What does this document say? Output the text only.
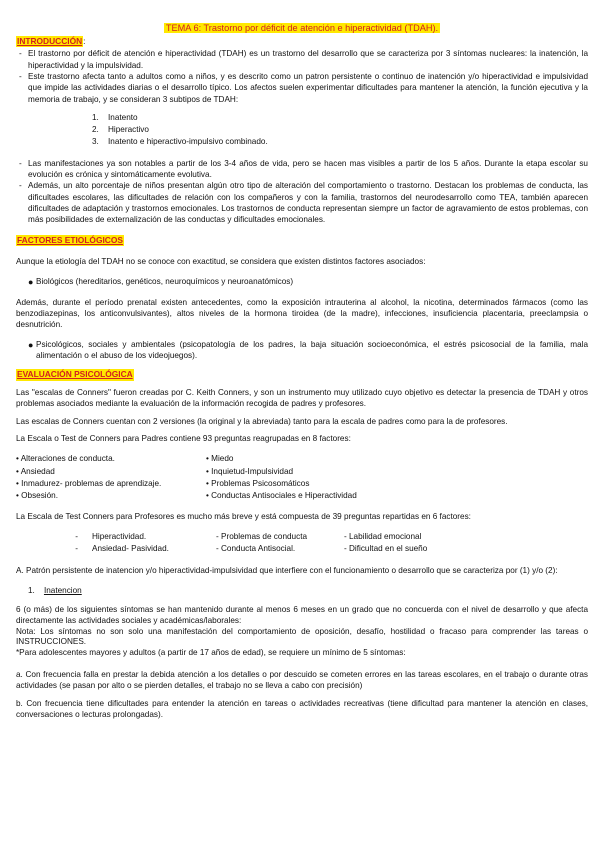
TEMA 6: Trastorno por déficit de atención e hiperactividad (TDAH).
INTRODUCCIÓN:

- El trastorno por déficit de atención e hiperactividad (TDAH) es un trastorno del desarrollo que se caracteriza por 3 síntomas nucleares: la inatención, la hiperactividad y la impulsividad.

- Este trastorno afecta tanto a adultos como a niños, y es descrito como un patron persistente o continuo de inatención y/o hiperactividad e impulsividad que impide las actividades diarias o el desarrollo típico. Los afectos suelen experimentar dificultades para mantener la atención, la función ejecutiva y la memoria de trabajo, y se consideran 3 subtipos de TDAH:

1. Inatento
2. Hiperactivo
3. Inatento e hiperactivo-impulsivo combinado.

- Las manifestaciones ya son notables a partir de los 3-4 años de vida, pero se hacen mas visibles a partir de los 5 años. Durante la etapa escolar su evolución es crónica y sintomáticamente evolutiva.

- Además, un alto porcentaje de niños presentan algún otro tipo de alteración del comportamiento o trastorno. Destacan los problemas de conducta, las dificultades escolares, las dificultades de relación con los compañeros y con la familia, trastornos del neurodesarrollo como TEA, también aparecen dificultades de adaptación y trastornos emocionales. Los trastornos de conducta representan siempre un factor de agravamiento de estos problemas, con más posibilidades de externalización de las conductas y dificultades emocionales.

FACTORES ETIOLÓGICOS

Aunque la etiología del TDAH no se conoce con exactitud, se considera que existen distintos factores asociados:

● Biológicos (hereditarios, genéticos, neuroquímicos y neuroanatómicos)

Además, durante el período prenatal existen antecedentes, como la exposición intrauterina al alcohol, la nicotina, determinados fármacos (como las benzodiazepinas, los anticonvulsivantes), altos niveles de la hormona tiroidea (de la madre), infecciones, insuficiencia placentaria, preeclampsia o desnutrición.

● Psicológicos, sociales y ambientales (psicopatología de los padres, la baja situación socioeconómica, el estrés psicosocial de la familia, mala alimentación o el abuso de los videojuegos).

EVALUACIÓN PSICOLÓGICA

Las "escalas de Conners" fueron creadas por C. Keith Conners, y son un instrumento muy utilizado cuyo objetivo es detectar la presencia de TDAH y otros problemas asociados mediante la evaluación de la información recogida de padres y profesores.

Las escalas de Conners cuentan con 2 versiones (la original y la abreviada) tanto para la escala de padres como para la de profesores.

La Escala o Test de Conners para Padres contiene 93 preguntas reagrupadas en 8 factores:

• Alteraciones de conducta.	• Miedo
• Ansiedad	• Inquietud-Impulsividad
• Inmadurez- problemas de aprendizaje.	• Problemas Psicosomáticos
• Obsesión.	• Conductas Antisociales e Hiperactividad

La Escala de Test Conners para Profesores es mucho más breve y está compuesta de 39 preguntas repartidas en 6 factores:

-	Hiperactividad.	- Problemas de conducta	- Labilidad emocional
-	Ansiedad- Pasividad.	- Conducta Antisocial.	- Dificultad en el sueño

A. Patrón persistente de inatencion y/o hiperactividad-impulsividad que interfiere con el funcionamiento o desarrollo que se caracteriza por (1) y/o (2):

1. Inatencion

6 (o más) de los siguientes síntomas se han mantenido durante al menos 6 meses en un grado que no concuerda con el nivel de desarrollo y que afecta directamente las actividades sociales y académicas/laborales:

Nota: Los síntomas no son solo una manifestación del comportamiento de oposición, desafío, hostilidad o fracaso para comprender las tareas o INSTRUCCIONES.

*Para adolescentes mayores y adultos (a partir de 17 años de edad), se requiere un mínimo de 5 síntomas:

a. Con frecuencia falla en prestar la debida atención a los detalles o por descuido se cometen errores en las tareas escolares, en el trabajo o durante otras actividades (se pasan por alto o se pierden detalles, el trabajo no se lleva a cabo con precisión)

b. Con frecuencia tiene dificultades para entender la atención en tareas o actividades recreativas (tiene dificultad para mantener la atención en clases, conversaciones o lecturas prolongadas).
